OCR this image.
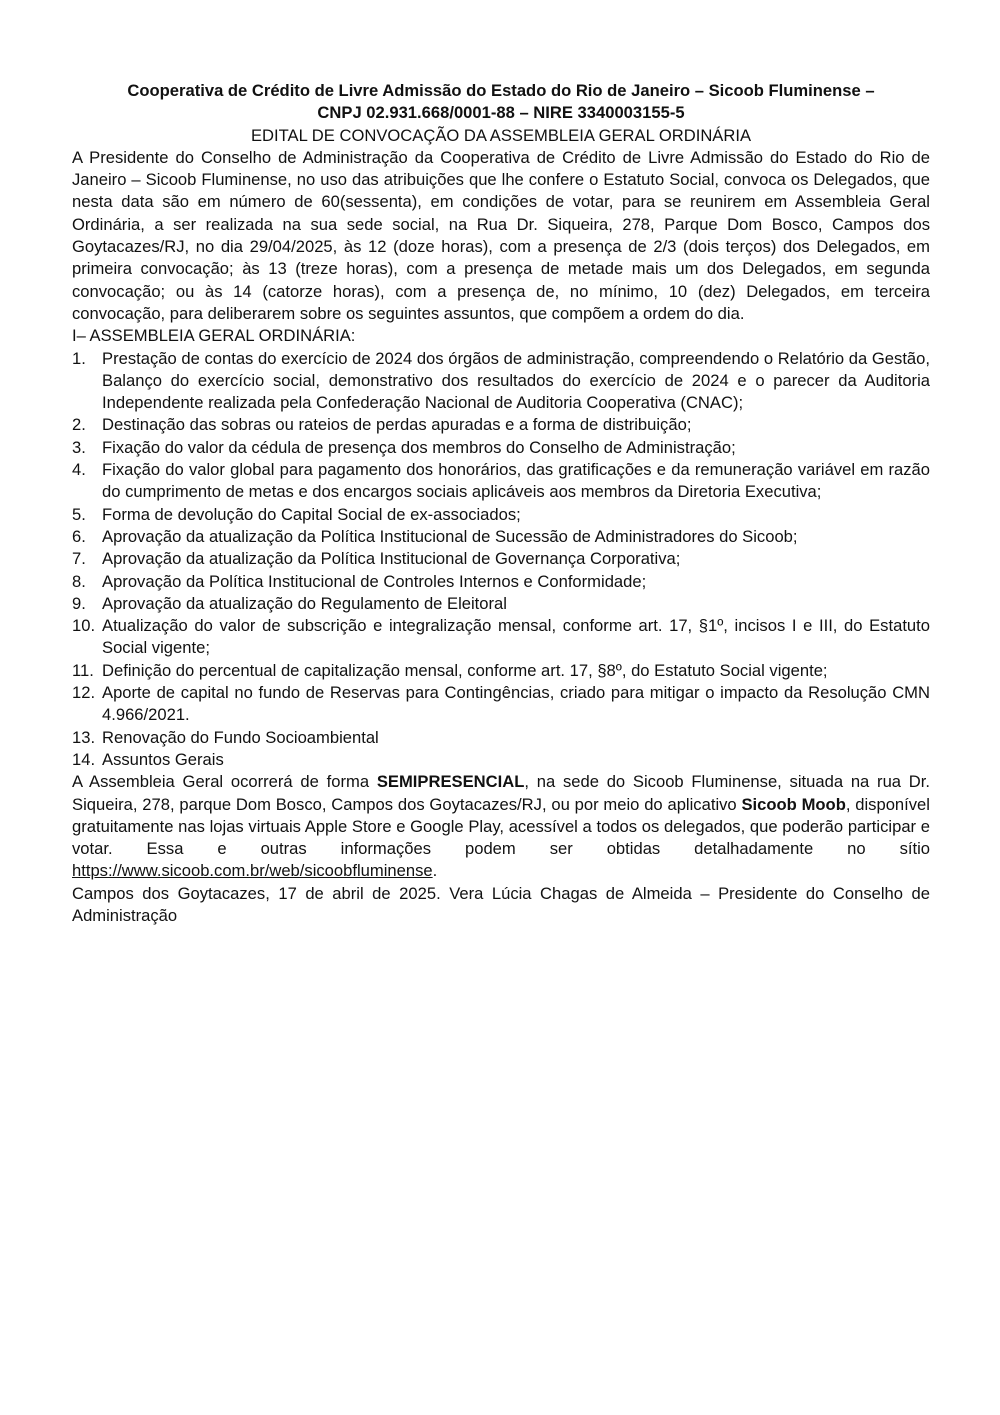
Cooperativa de Crédito de Livre Admissão do Estado do Rio de Janeiro – Sicoob Fluminense –

CNPJ 02.931.668/0001-88 – NIRE 3340003155-5

EDITAL DE CONVOCAÇÃO DA ASSEMBLEIA GERAL ORDINÁRIA

A Presidente do Conselho de Administração da Cooperativa de Crédito de Livre Admissão do Estado do Rio de Janeiro – Sicoob Fluminense, no uso das atribuições que lhe confere o Estatuto Social, convoca os Delegados, que nesta data são em número de 60(sessenta), em condições de votar, para se reunirem em Assembleia Geral Ordinária, a ser realizada na sua sede social, na Rua Dr. Siqueira, 278, Parque Dom Bosco, Campos dos Goytacazes/RJ, no dia 29/04/2025, às 12 (doze horas), com a presença de 2/3 (dois terços) dos Delegados, em primeira convocação; às 13 (treze horas), com a presença de metade mais um dos Delegados, em segunda convocação; ou às 14 (catorze horas), com a presença de, no mínimo, 10 (dez) Delegados, em terceira convocação, para deliberarem sobre os seguintes assuntos, que compõem a ordem do dia.

I– ASSEMBLEIA GERAL ORDINÁRIA:

1. Prestação de contas do exercício de 2024 dos órgãos de administração, compreendendo o Relatório da Gestão, Balanço do exercício social, demonstrativo dos resultados do exercício de 2024 e o parecer da Auditoria Independente realizada pela Confederação Nacional de Auditoria Cooperativa (CNAC);
2. Destinação das sobras ou rateios de perdas apuradas e a forma de distribuição;
3. Fixação do valor da cédula de presença dos membros do Conselho de Administração;
4. Fixação do valor global para pagamento dos honorários, das gratificações e da remuneração variável em razão do cumprimento de metas e dos encargos sociais aplicáveis aos membros da Diretoria Executiva;
5. Forma de devolução do Capital Social de ex-associados;
6. Aprovação da atualização da Política Institucional de Sucessão de Administradores do Sicoob;
7. Aprovação da atualização da Política Institucional de Governança Corporativa;
8. Aprovação da Política Institucional de Controles Internos e Conformidade;
9. Aprovação da atualização do Regulamento de Eleitoral
10. Atualização do valor de subscrição e integralização mensal, conforme art. 17, §1º, incisos I e III, do Estatuto Social vigente;
11. Definição do percentual de capitalização mensal, conforme art. 17, §8º, do Estatuto Social vigente;
12. Aporte de capital no fundo de Reservas para Contingências, criado para mitigar o impacto da Resolução CMN 4.966/2021.
13. Renovação do Fundo Socioambiental
14. Assuntos Gerais

A Assembleia Geral ocorrerá de forma SEMIPRESENCIAL, na sede do Sicoob Fluminense, situada na rua Dr. Siqueira, 278, parque Dom Bosco, Campos dos Goytacazes/RJ, ou por meio do aplicativo Sicoob Moob, disponível gratuitamente nas lojas virtuais Apple Store e Google Play, acessível a todos os delegados, que poderão participar e votar. Essa e outras informações podem ser obtidas detalhadamente no sítio https://www.sicoob.com.br/web/sicoobfluminense.

Campos dos Goytacazes, 17 de abril de 2025. Vera Lúcia Chagas de Almeida – Presidente do Conselho de Administração
